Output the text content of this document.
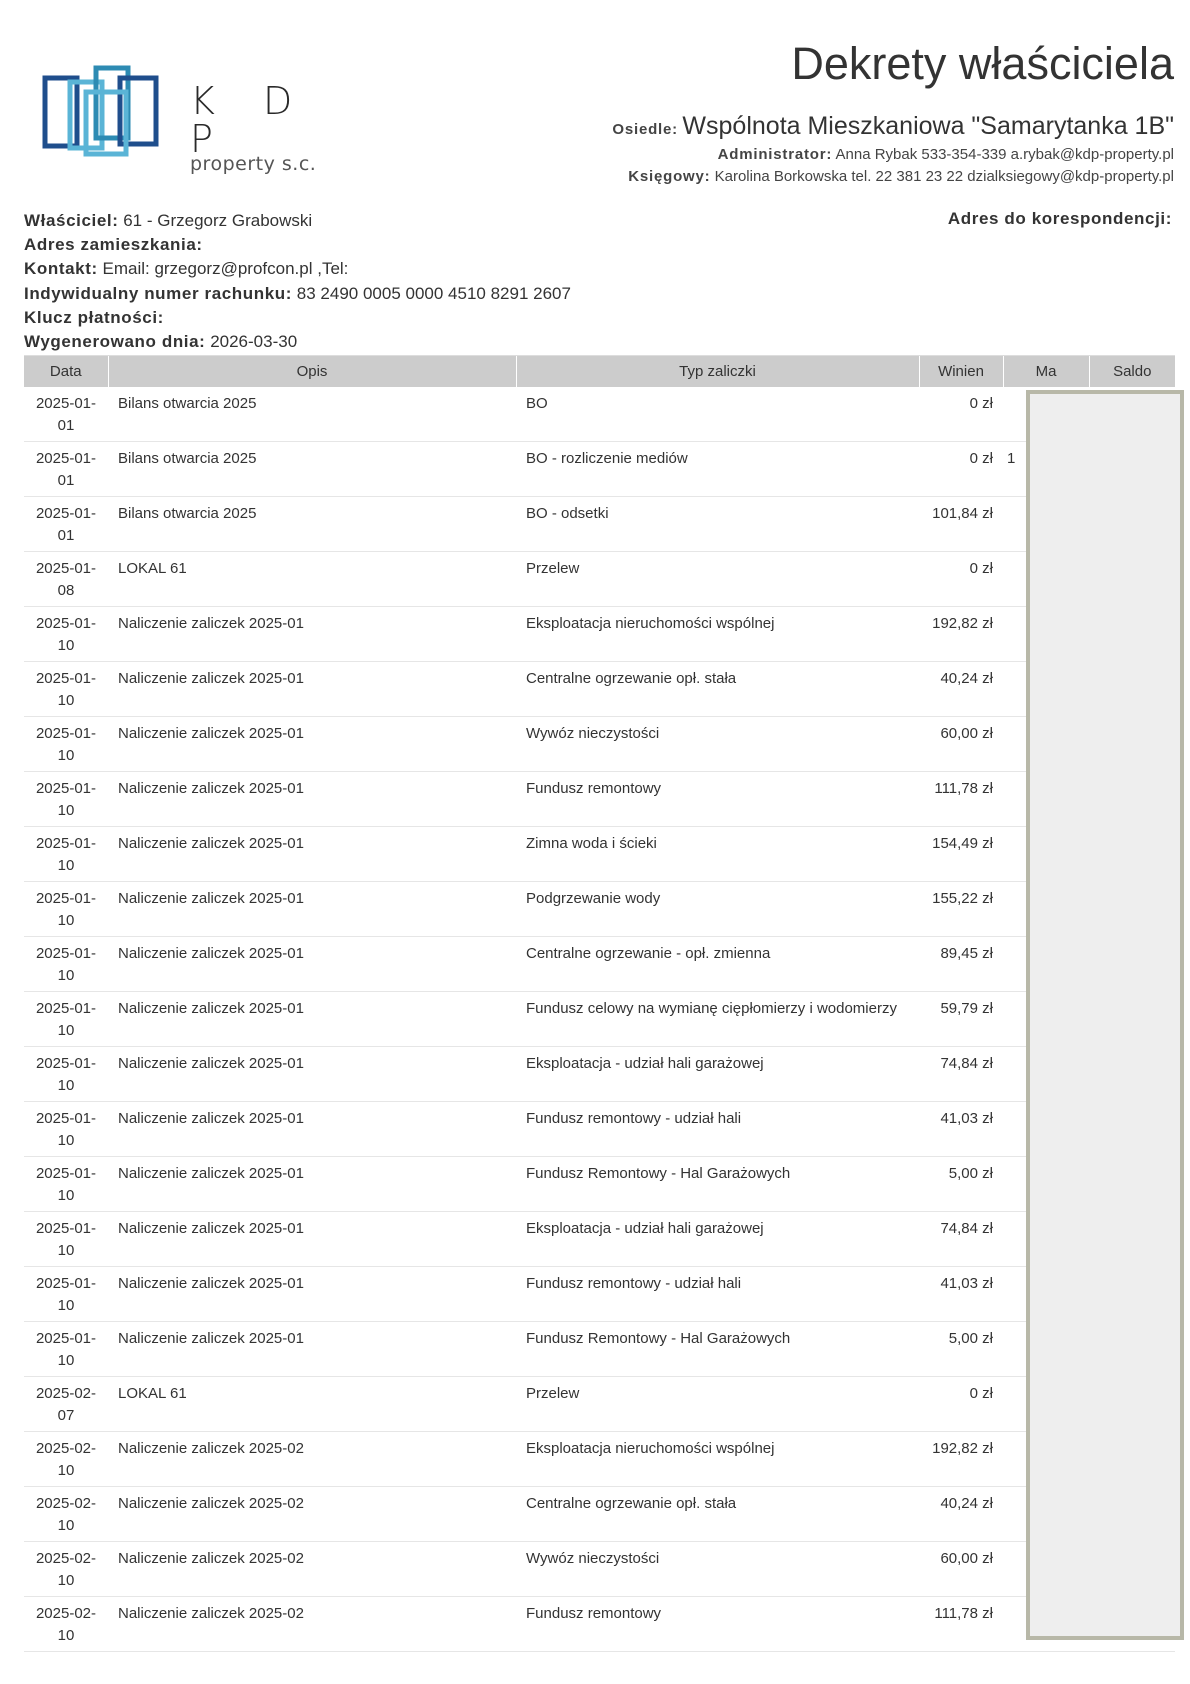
K D P
property s.c.
Dekrety właściciela
Osiedle: Wspólnota Mieszkaniowa "Samarytanka 1B"
Administrator: Anna Rybak 533-354-339 a.rybak@kdp-property.pl
Księgowy: Karolina Borkowska tel. 22 381 23 22 dzialksiegowy@kdp-property.pl
Właściciel: 61 - Grzegorz Grabowski
Adres zamieszkania:
Kontakt: Email: grzegorz@profcon.pl ,Tel:
Indywidualny numer rachunku: 83 2490 0005 0000 4510 8291 2607
Klucz płatności:
Wygenerowano dnia: 2026-03-30
Adres do korespondencji:
Data	Opis	Typ zaliczki	Winien	Ma	Saldo

2025-01-
01	Bilans otwarcia 2025	BO	0 zł		

2025-01-
01	Bilans otwarcia 2025	BO - rozliczenie mediów	0 zł	1	

2025-01-
01	Bilans otwarcia 2025	BO - odsetki	101,84 zł		

2025-01-
08	LOKAL 61	Przelew	0 zł		

2025-01-
10	Naliczenie zaliczek 2025-01	Eksploatacja nieruchomości wspólnej	192,82 zł		

2025-01-
10	Naliczenie zaliczek 2025-01	Centralne ogrzewanie opł. stała	40,24 zł		

2025-01-
10	Naliczenie zaliczek 2025-01	Wywóz nieczystości	60,00 zł		

2025-01-
10	Naliczenie zaliczek 2025-01	Fundusz remontowy	111,78 zł		

2025-01-
10	Naliczenie zaliczek 2025-01	Zimna woda i ścieki	154,49 zł		

2025-01-
10	Naliczenie zaliczek 2025-01	Podgrzewanie wody	155,22 zł		

2025-01-
10	Naliczenie zaliczek 2025-01	Centralne ogrzewanie - opł. zmienna	89,45 zł		

2025-01-
10	Naliczenie zaliczek 2025-01	Fundusz celowy na wymianę ciępłomierzy i wodomierzy	59,79 zł		

2025-01-
10	Naliczenie zaliczek 2025-01	Eksploatacja - udział hali garażowej	74,84 zł		

2025-01-
10	Naliczenie zaliczek 2025-01	Fundusz remontowy - udział hali	41,03 zł		

2025-01-
10	Naliczenie zaliczek 2025-01	Fundusz Remontowy - Hal Garażowych	5,00 zł		

2025-01-
10	Naliczenie zaliczek 2025-01	Eksploatacja - udział hali garażowej	74,84 zł		

2025-01-
10	Naliczenie zaliczek 2025-01	Fundusz remontowy - udział hali	41,03 zł		

2025-01-
10	Naliczenie zaliczek 2025-01	Fundusz Remontowy - Hal Garażowych	5,00 zł		

2025-02-
07	LOKAL 61	Przelew	0 zł		

2025-02-
10	Naliczenie zaliczek 2025-02	Eksploatacja nieruchomości wspólnej	192,82 zł		

2025-02-
10	Naliczenie zaliczek 2025-02	Centralne ogrzewanie opł. stała	40,24 zł		

2025-02-
10	Naliczenie zaliczek 2025-02	Wywóz nieczystości	60,00 zł		

2025-02-
10	Naliczenie zaliczek 2025-02	Fundusz remontowy	111,78 zł		
